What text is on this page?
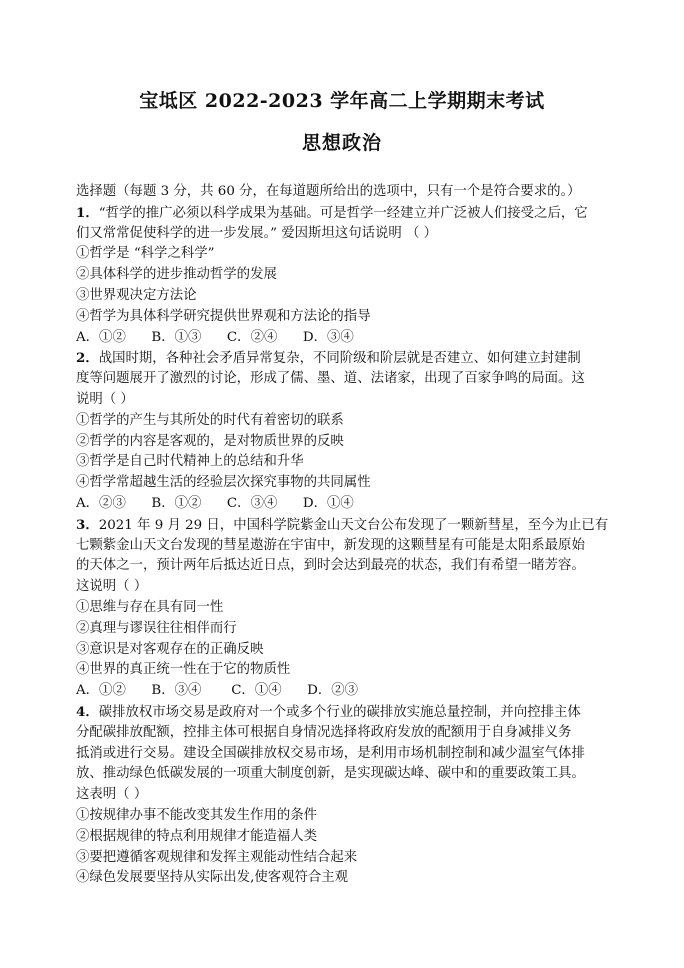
宝坻区 2022-2023 学年高二上学期期末考试
思想政治
选择题（每题 3 分，共 60 分，在每道题所给出的选项中，只有一个是符合要求的。）
1．“哲学的推广必须以科学成果为基础。可是哲学一经建立并广泛被人们接受之后，它
们又常常促使科学的进一步发展。” 爱因斯坦这句话说明 （ ）
①哲学是 “科学之科学”
②具体科学的进步推动哲学的发展
③世界观决定方法论
④哲学为具体科学研究提供世界观和方法论的指导
A．①②      B．①③      C．②④      D．③④
2．战国时期，各种社会矛盾异常复杂，不同阶级和阶层就是否建立、如何建立封建制
度等问题展开了激烈的讨论，形成了儒、墨、道、法诸家，出现了百家争鸣的局面。这
说明（ ）
①哲学的产生与其所处的时代有着密切的联系
②哲学的内容是客观的，是对物质世界的反映
③哲学是自己时代精神上的总结和升华
④哲学常超越生活的经验层次探究事物的共同属性
A．②③      B．①②      C．③④      D．①④
3．2021 年 9 月 29 日，中国科学院紫金山天文台公布发现了一颗新彗星，至今为止已有
七颗紫金山天文台发现的彗星遨游在宇宙中，新发现的这颗彗星有可能是太阳系最原始
的天体之一，预计两年后抵达近日点，到时会达到最亮的状态，我们有希望一睹芳容。
这说明（ ）
①思维与存在具有同一性
②真理与谬误往往相伴而行
③意识是对客观存在的正确反映
④世界的真正统一性在于它的物质性
A．①②      B．③④       C．①④      D．②③
4．碳排放权市场交易是政府对一个或多个行业的碳排放实施总量控制，并向控排主体
分配碳排放配额，控排主体可根据自身情况选择将政府发放的配额用于自身减排义务
抵消或进行交易。建设全国碳排放权交易市场，是利用市场机制控制和减少温室气体排
放、推动绿色低碳发展的一项重大制度创新，是实现碳达峰、碳中和的重要政策工具。
这表明（ ）
①按规律办事不能改变其发生作用的条件
②根据规律的特点利用规律才能造福人类
③要把遵循客观规律和发挥主观能动性结合起来
④绿色发展要坚持从实际出发,使客观符合主观
